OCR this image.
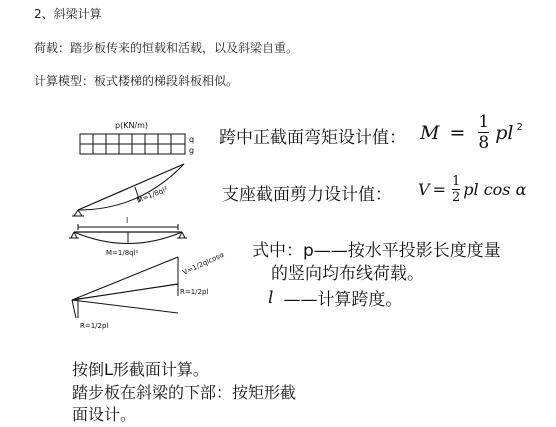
2、斜梁计算
荷载：踏步板传来的恒载和活载，以及斜梁自重。
计算模型：板式楼梯的梯段斜板相似。
p(KN/m)
q
g
M=1/8ql²
l
M=1/8ql²	V=1/2qlcosα
R=1/2pl
R=1/2pl
跨中正截面弯矩设计值： $M = \frac{1}{8}$ pl 2
支座截面剪力设计值： $V = \frac{1}{2}$ pl cos α
式中：p——按水平投影长度度量
的竖向均布线荷载。
l ——计算跨度。
按倒L形截面计算。
踏步板在斜梁的下部：按矩形截
面设计。
